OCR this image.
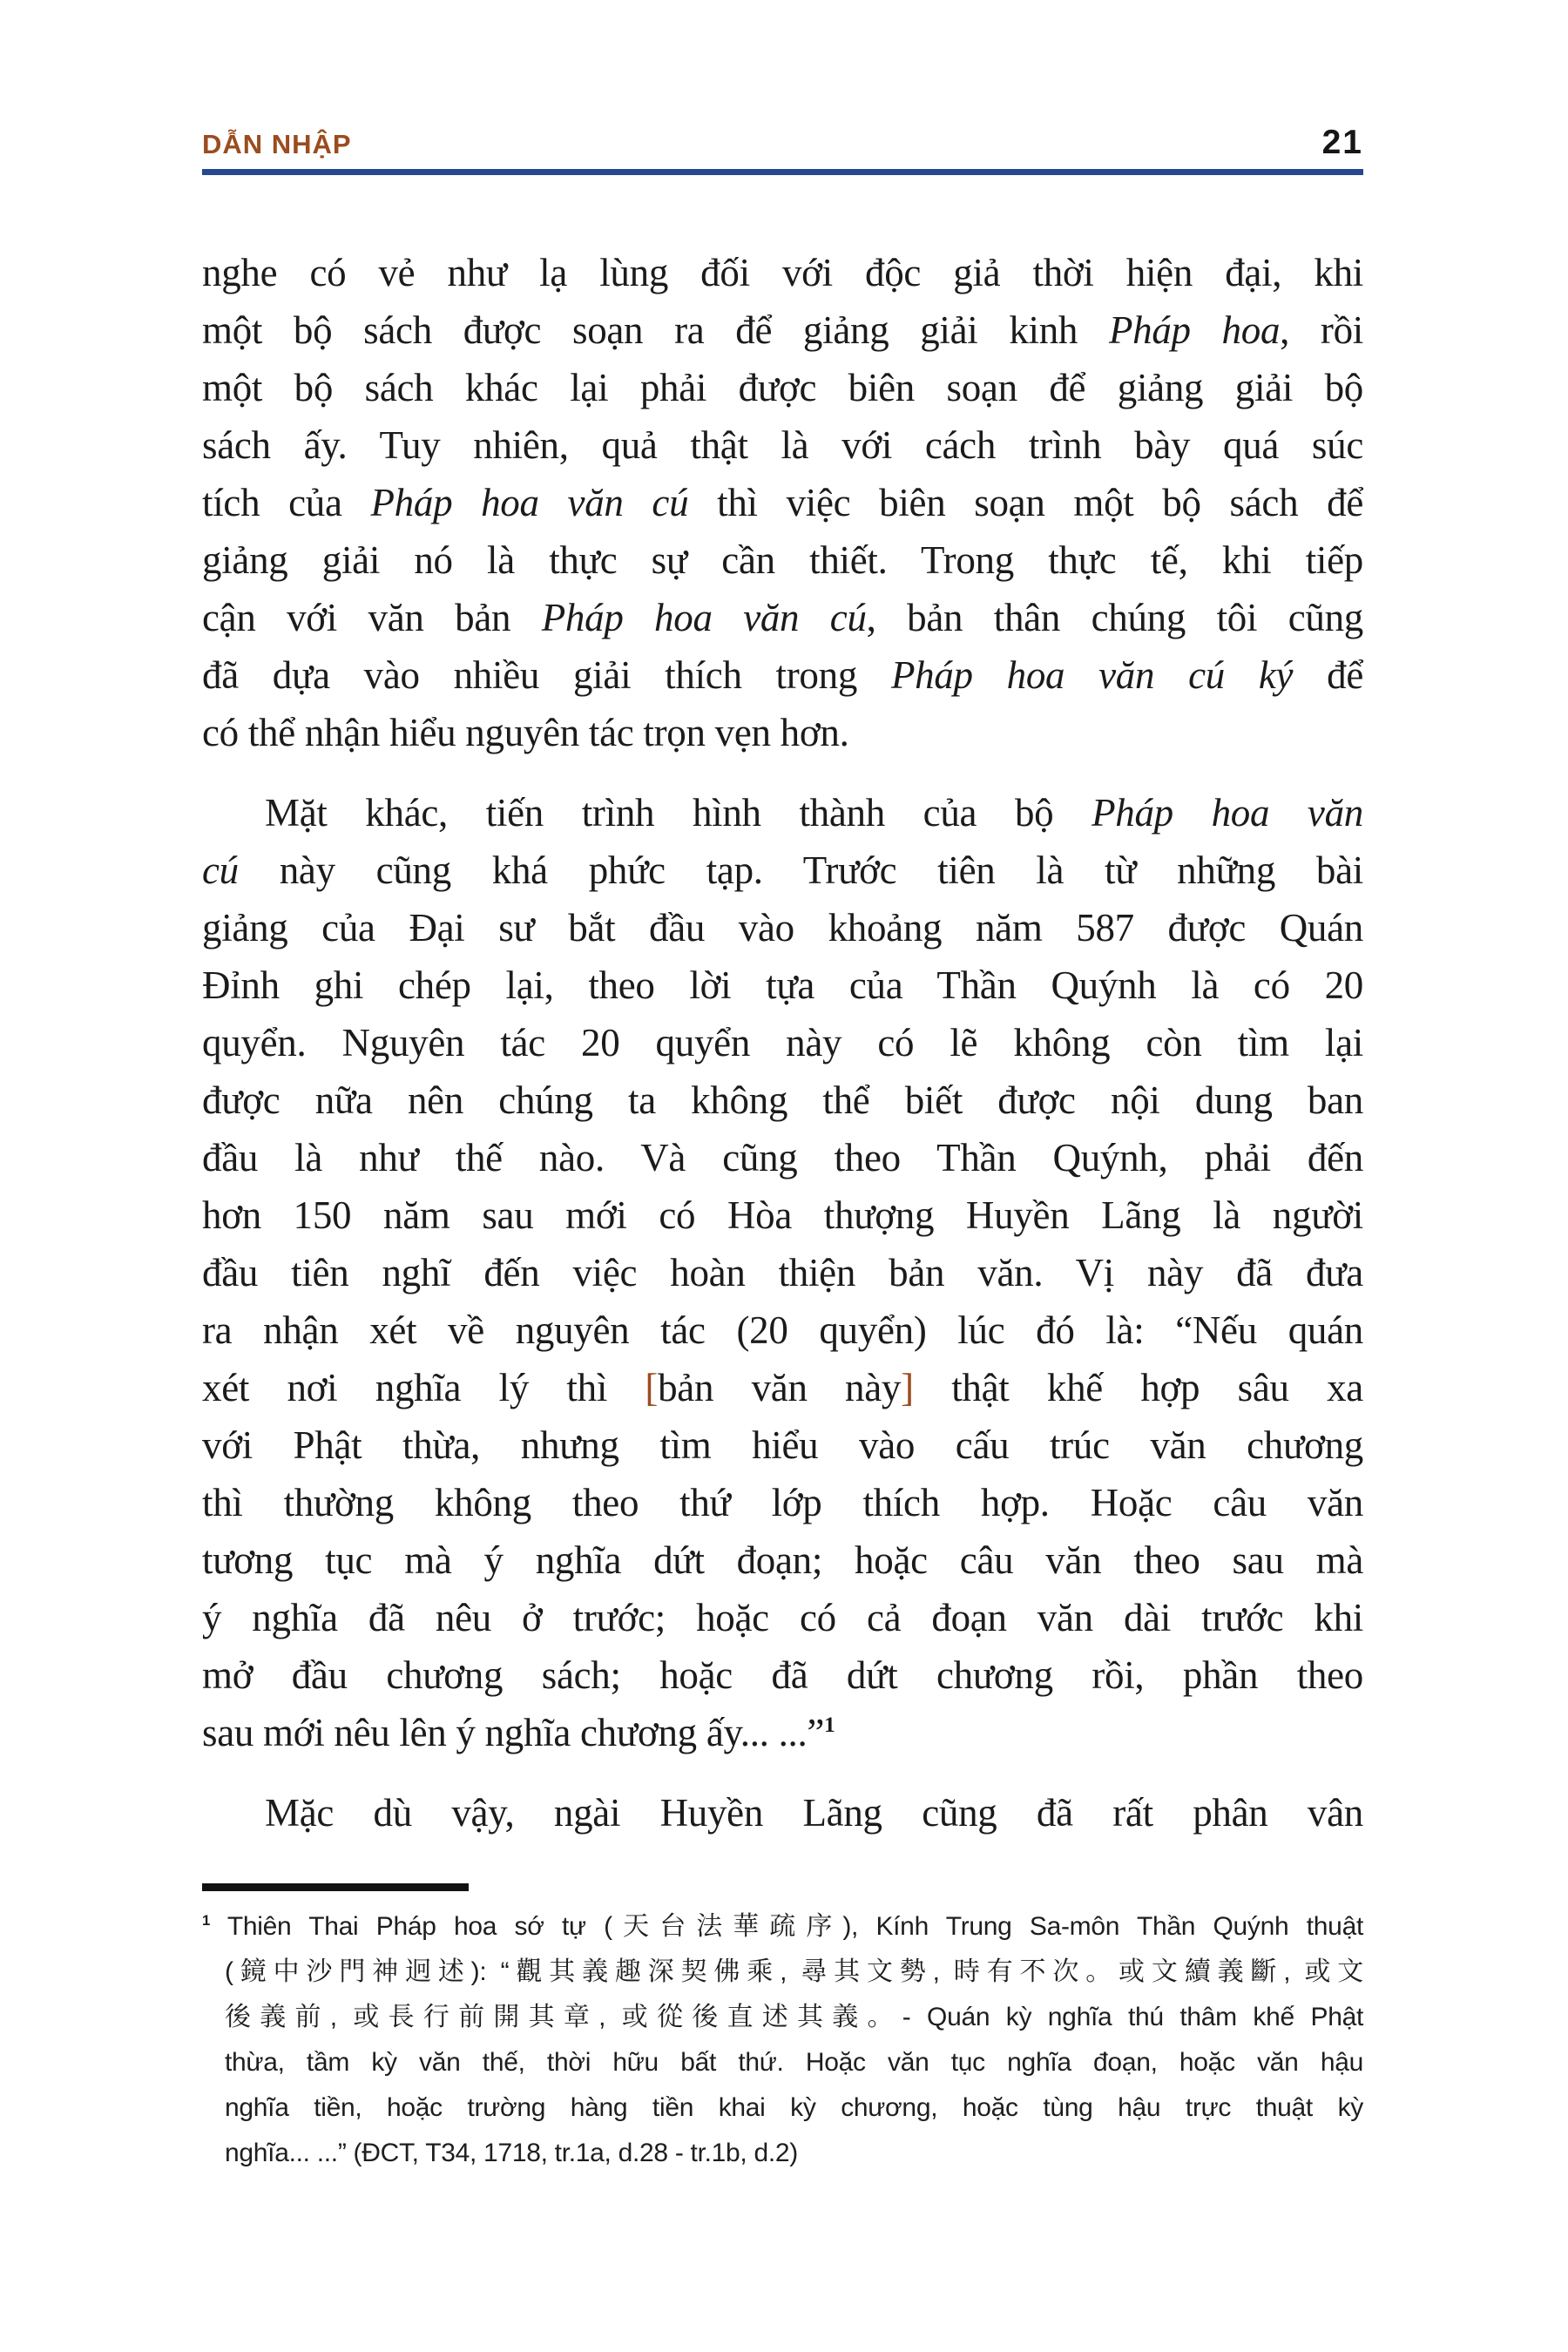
DẪN NHẬP	21
nghe có vẻ như lạ lùng đối với độc giả thời hiện đại, khi
một bộ sách được soạn ra để giảng giải kinh Pháp hoa, rồi
một bộ sách khác lại phải được biên soạn để giảng giải bộ
sách ấy. Tuy nhiên, quả thật là với cách trình bày quá súc
tích của Pháp hoa văn cú thì việc biên soạn một bộ sách để
giảng giải nó là thực sự cần thiết. Trong thực tế, khi tiếp
cận với văn bản Pháp hoa văn cú, bản thân chúng tôi cũng
đã dựa vào nhiều giải thích trong Pháp hoa văn cú ký để
có thể nhận hiểu nguyên tác trọn vẹn hơn.
Mặt khác, tiến trình hình thành của bộ Pháp hoa văn
cú này cũng khá phức tạp. Trước tiên là từ những bài
giảng của Đại sư bắt đầu vào khoảng năm 587 được Quán
Đỉnh ghi chép lại, theo lời tựa của Thần Quýnh là có 20
quyển. Nguyên tác 20 quyển này có lẽ không còn tìm lại
được nữa nên chúng ta không thể biết được nội dung ban
đầu là như thế nào. Và cũng theo Thần Quýnh, phải đến
hơn 150 năm sau mới có Hòa thượng Huyền Lãng là người
đầu tiên nghĩ đến việc hoàn thiện bản văn. Vị này đã đưa
ra nhận xét về nguyên tác (20 quyển) lúc đó là: “Nếu quán
xét nơi nghĩa lý thì [bản văn này] thật khế hợp sâu xa
với Phật thừa, nhưng tìm hiểu vào cấu trúc văn chương
thì thường không theo thứ lớp thích hợp. Hoặc câu văn
tương tục mà ý nghĩa dứt đoạn; hoặc câu văn theo sau mà
ý nghĩa đã nêu ở trước; hoặc có cả đoạn văn dài trước khi
mở đầu chương sách; hoặc đã dứt chương rồi, phần theo
sau mới nêu lên ý nghĩa chương ấy... ...”$^1$
Mặc dù vậy, ngài Huyền Lãng cũng đã rất phân vân
$^1$ Thiên Thai Pháp hoa sớ tự (天台法華疏序), Kính Trung Sa-môn Thần Quýnh thuật
(鏡中沙門神迥述): “觀其義趣深契佛乘, 尋其文勢, 時有不次。或文續義斷, 或文
後義前, 或長行前開其章, 或從後直述其義。- Quán kỳ nghĩa thú thâm khế Phật
thừa, tầm kỳ văn thế, thời hữu bất thứ. Hoặc văn tục nghĩa đoạn, hoặc văn hậu
nghĩa tiền, hoặc trường hàng tiền khai kỳ chương, hoặc tùng hậu trực thuật kỳ
nghĩa... ...” (ĐCT, T34, 1718, tr.1a, d.28 - tr.1b, d.2)
